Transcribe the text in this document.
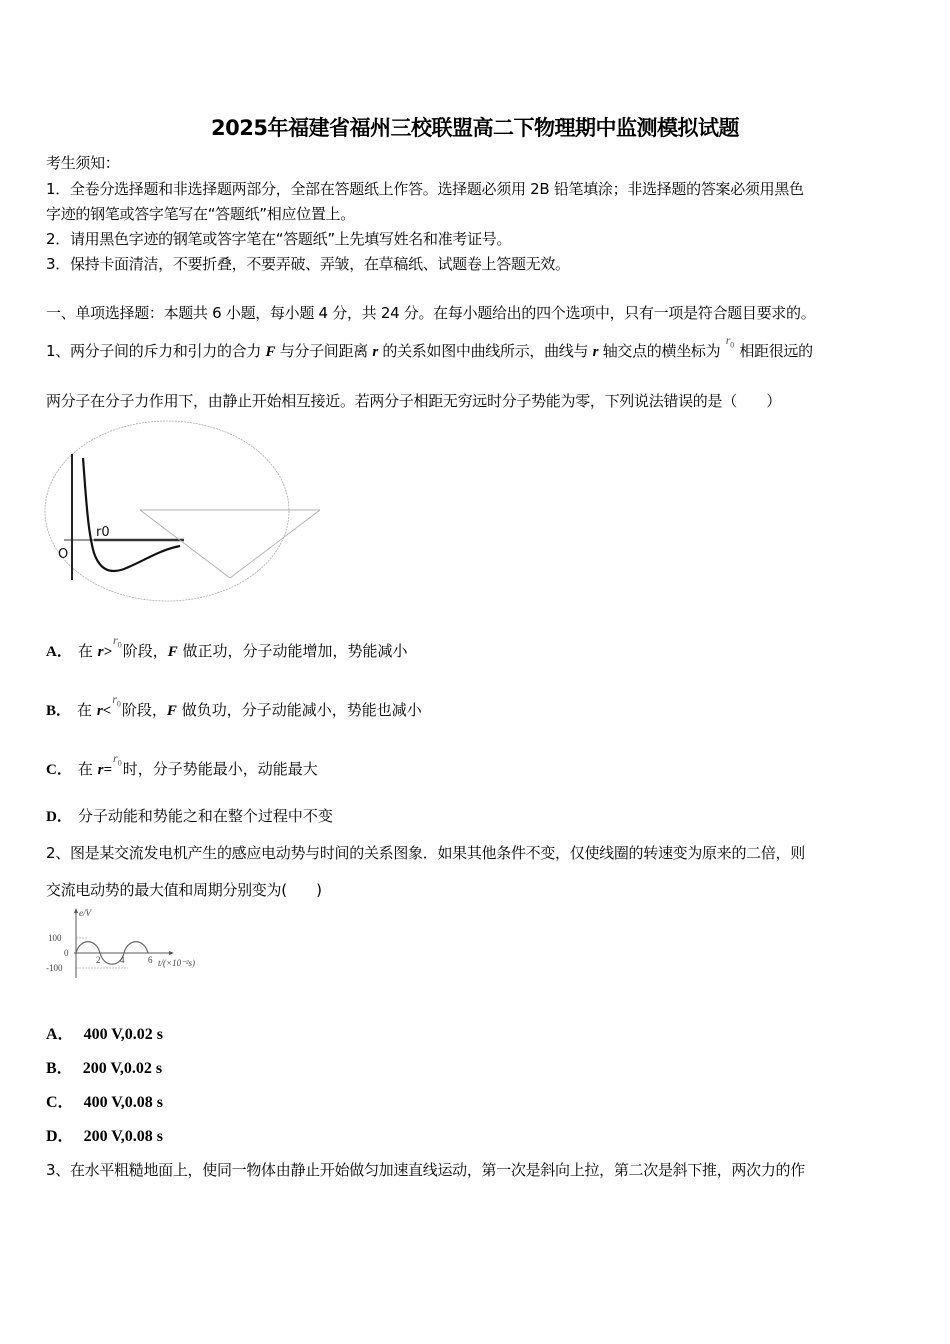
2025年福建省福州三校联盟高二下物理期中监测模拟试题
考生须知：
1．全卷分选择题和非选择题两部分，全部在答题纸上作答。选择题必须用 2B 铅笔填涂；非选择题的答案必须用黑色
字迹的钢笔或答字笔写在“答题纸”相应位置上。
2．请用黑色字迹的钢笔或答字笔在“答题纸”上先填写姓名和准考证号。
3．保持卡面清洁，不要折叠，不要弄破、弄皱，在草稿纸、试题卷上答题无效。
一、单项选择题：本题共 6 小题，每小题 4 分，共 24 分。在每小题给出的四个选项中，只有一项是符合题目要求的。
1、两分子间的斥力和引力的合力 F 与分子间距离 r 的关系如图中曲线所示，曲线与 r 轴交点的横坐标为 $r_0$ 相距很远的
两分子在分子力作用下，由静止开始相互接近。若两分子相距无穷远时分子势能为零，下列说法错误的是（　　）
r0
O
A． 在 $r>r_0$阶段，F 做正功，分子动能增加，势能减小
B． 在 $r<r_0$阶段，F 做负功，分子动能减小，势能也减小
C． 在 $r=r_0$时，分子势能最小，动能最大
D． 分子动能和势能之和在整个过程中不变
2、图是某交流发电机产生的感应电动势与时间的关系图象．如果其他条件不变，仅使线圈的转速变为原来的二倍，则
交流电动势的最大值和周期分别变为(　　)
e/V
100
0
-100
2 4	6 t/(×10⁻²s)
A． 400 V,0.02 s
B． 200 V,0.02 s
C． 400 V,0.08 s
D． 200 V,0.08 s
3、在水平粗糙地面上，使同一物体由静止开始做匀加速直线运动，第一次是斜向上拉，第二次是斜下推，两次力的作
